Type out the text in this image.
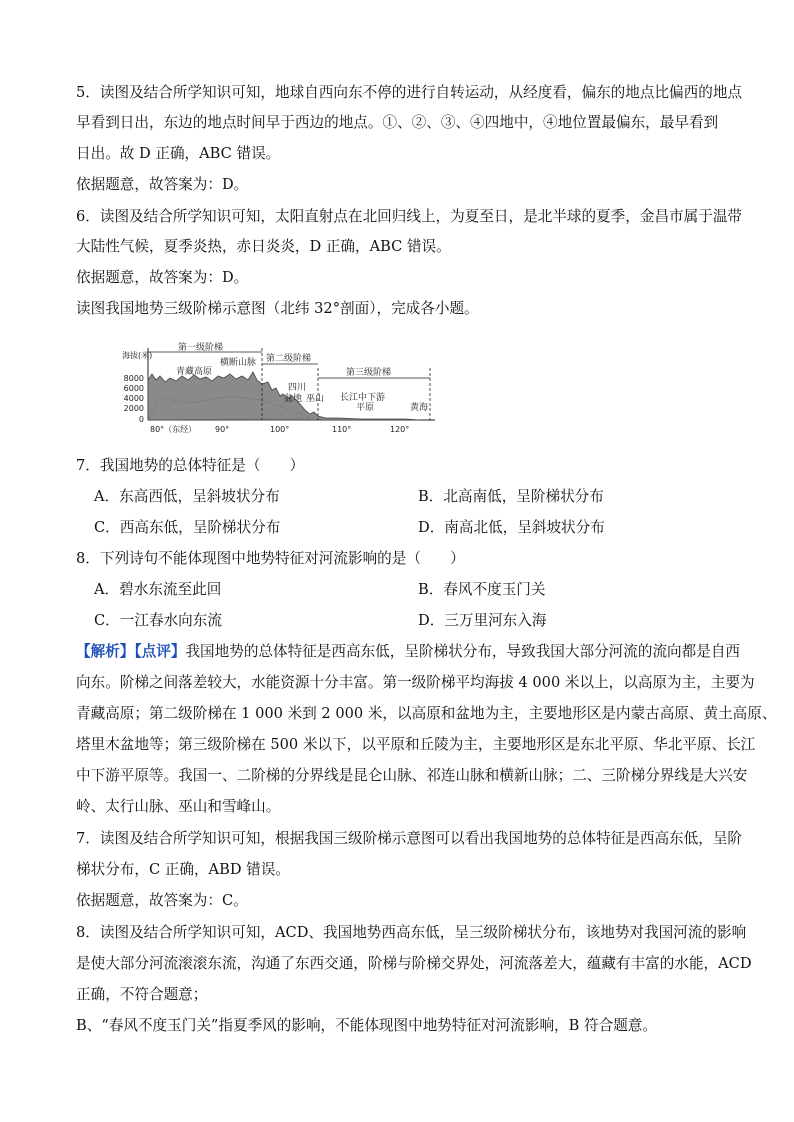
5．读图及结合所学知识可知，地球自西向东不停的进行自转运动，从经度看，偏东的地点比偏西的地点
早看到日出，东边的地点时间早于西边的地点。①、②、③、④四地中，④地位置最偏东，最早看到
日出。故 D 正确，ABC 错误。
依据题意，故答案为：D。
6．读图及结合所学知识可知，太阳直射点在北回归线上，为夏至日，是北半球的夏季，金昌市属于温带
大陆性气候，夏季炎热，赤日炎炎，D 正确，ABC 错误。
依据题意，故答案为：D。
读图我国地势三级阶梯示意图（北纬 32°剖面），完成各小题。
海拔(米)
8000
6000
4000
2000
0
第一级阶梯
第二级阶梯
第三级阶梯
青藏高原
横断山脉
四川
盆地 巫山 长江中下游
平原	黄海
80°（东经） 90°	100°	110°	120°
7．我国地势的总体特征是（　　）
A．东高西低，呈斜坡状分布	B．北高南低，呈阶梯状分布
C．西高东低，呈阶梯状分布	D．南高北低，呈斜坡状分布
8．下列诗句不能体现图中地势特征对河流影响的是（　　）
A．碧水东流至此回	B．春风不度玉门关
C．一江春水向东流	D．三万里河东入海
【解析】【点评】我国地势的总体特征是西高东低，呈阶梯状分布，导致我国大部分河流的流向都是自西
向东。阶梯之间落差较大，水能资源十分丰富。第一级阶梯平均海拔 4 000 米以上，以高原为主，主要为
青藏高原；第二级阶梯在 1 000 米到 2 000 米，以高原和盆地为主，主要地形区是内蒙古高原、黄土高原、
塔里木盆地等；第三级阶梯在 500 米以下，以平原和丘陵为主，主要地形区是东北平原、华北平原、长江
中下游平原等。我国一、二阶梯的分界线是昆仑山脉、祁连山脉和横新山脉；二、三阶梯分界线是大兴安
岭、太行山脉、巫山和雪峰山。
7．读图及结合所学知识可知，根据我国三级阶梯示意图可以看出我国地势的总体特征是西高东低，呈阶
梯状分布，C 正确，ABD 错误。
依据题意，故答案为：C。
8．读图及结合所学知识可知，ACD、我国地势西高东低，呈三级阶梯状分布，该地势对我国河流的影响
是使大部分河流滚滚东流，沟通了东西交通，阶梯与阶梯交界处，河流落差大，蕴藏有丰富的水能，ACD
正确，不符合题意；
B、“春风不度玉门关”指夏季风的影响，不能体现图中地势特征对河流影响，B 符合题意。
